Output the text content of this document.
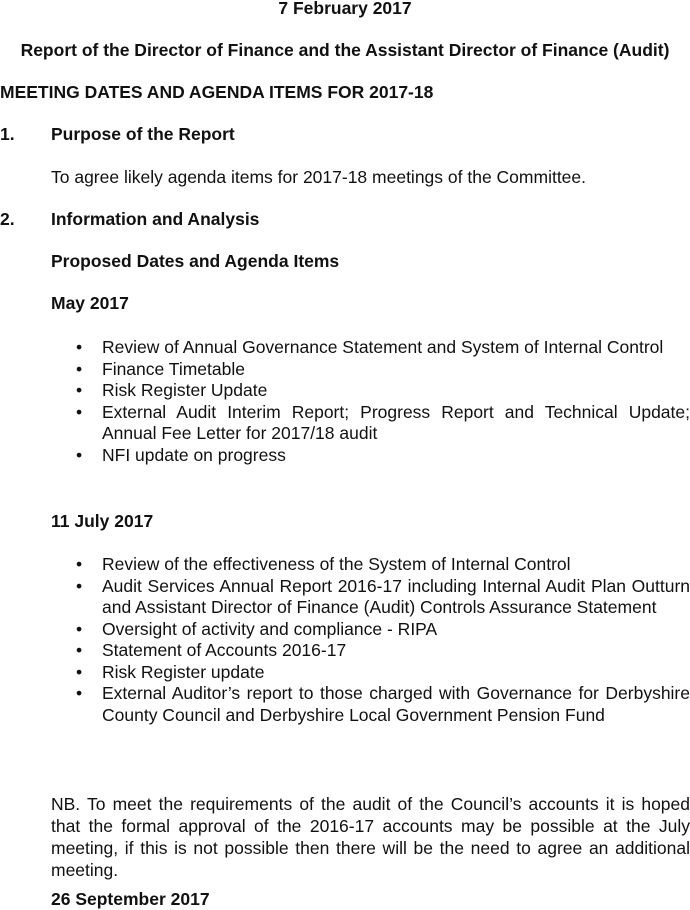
7 February 2017
Report of the Director of Finance and the Assistant Director of Finance (Audit)
MEETING DATES AND AGENDA ITEMS FOR 2017-18
1. Purpose of the Report
To agree likely agenda items for 2017-18 meetings of the Committee.
2. Information and Analysis
Proposed Dates and Agenda Items
May 2017
• Review of Annual Governance Statement and System of Internal Control
• Finance Timetable
• Risk Register Update
• External Audit Interim Report; Progress Report and Technical Update; Annual Fee Letter for 2017/18 audit
• NFI update on progress
11 July 2017
• Review of the effectiveness of the System of Internal Control
• Audit Services Annual Report 2016-17 including Internal Audit Plan Outturn and Assistant Director of Finance (Audit) Controls Assurance Statement
• Oversight of activity and compliance - RIPA
• Statement of Accounts 2016-17
• Risk Register update
• External Auditor’s report to those charged with Governance for Derbyshire County Council and Derbyshire Local Government Pension Fund
NB. To meet the requirements of the audit of the Council’s accounts it is hoped that the formal approval of the 2016-17 accounts may be possible at the July meeting, if this is not possible then there will be the need to agree an additional meeting.
26 September 2017
